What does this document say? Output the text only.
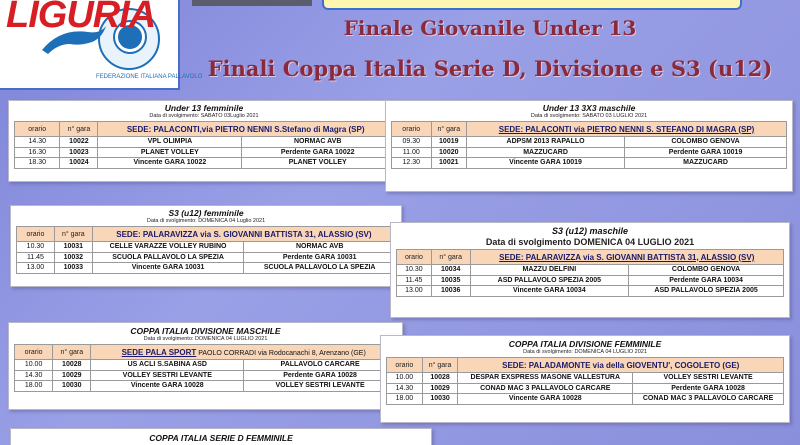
LIGURIA
FEDERAZIONE ITALIANA PALLAVOLO
Finale Giovanile Under 13
Finali Coppa Italia Serie D, Divisione e S3 (u12)
Under 13 femminile
Data di svolgimento: SABATO 03Luglio 2021
orario	n° gara	SEDE: PALACONTI,via PIETRO NENNI S.Stefano di Magra (SP)	
14.30	10022	VPL OLIMPIA	NORMAC AVB
16.30	10023	PLANET VOLLEY	Perdente GARA 10022
18.30	10024	Vincente GARA 10022	PLANET VOLLEY
Under 13 3X3 maschile
Data di svolgimento: SABATO 03 LUGLIO 2021
orario	n° gara	SEDE: PALACONTI via PIETRO NENNI S. STEFANO DI MAGRA (SP)	
09.30	10019	ADPSM 2013 RAPALLO	COLOMBO GENOVA
11.00	10020	MAZZUCARD	Perdente GARA 10019
12.30	10021	Vincente GARA 10019	MAZZUCARD
S3 (u12) femminile
Data di svolgimento: DOMENICA 04 Luglio 2021
orario	n° gara	SEDE: PALARAVIZZA via S. GIOVANNI BATTISTA 31, ALASSIO (SV)	
10.30	10031	CELLE VARAZZE VOLLEY RUBINO	NORMAC AVB
11.45	10032	SCUOLA PALLAVOLO LA SPEZIA	Perdente GARA 10031
13.00	10033	Vincente GARA 10031	SCUOLA PALLAVOLO LA SPEZIA
S3 (u12) maschile
Data di svolgimento DOMENICA 04 LUGLIO 2021
orario	n° gara	SEDE: PALARAVIZZA via S. GIOVANNI BATTISTA 31, ALASSIO (SV)	
10.30	10034	MAZZU DELFINI	COLOMBO GENOVA
11.45	10035	ASD PALLAVOLO SPEZIA 2005	Perdente GARA 10034
13.00	10036	Vincente GARA 10034	ASD PALLAVOLO SPEZIA 2005
COPPA ITALIA DIVISIONE MASCHILE
Data di svolgimento: DOMENICA 04 LUGLIO 2021
orario	n° gara	SEDE PALA SPORT PAOLO CORRADI via Rodocanachi 8, Arenzano (GE)	
10.00	10028	US ACLI S.SABINA ASD	PALLAVOLO CARCARE
14.30	10029	VOLLEY SESTRI LEVANTE	Perdente GARA 10028
18.00	10030	Vincente GARA 10028	VOLLEY SESTRI LEVANTE
COPPA ITALIA DIVISIONE FEMMINILE
Data di svolgimento: DOMENICA 04 LUGLIO 2021
orario	n° gara	SEDE: PALADAMONTE via della GIOVENTU', COGOLETO (GE)	
10.00	10028	DESPAR EXSPRESS MASONE VALLESTURA	VOLLEY SESTRI LEVANTE
14.30	10029	CONAD MAC 3 PALLAVOLO CARCARE	Perdente GARA 10028
18.00	10030	Vincente GARA 10028	CONAD MAC 3 PALLAVOLO CARCARE
COPPA ITALIA SERIE D FEMMINILE
